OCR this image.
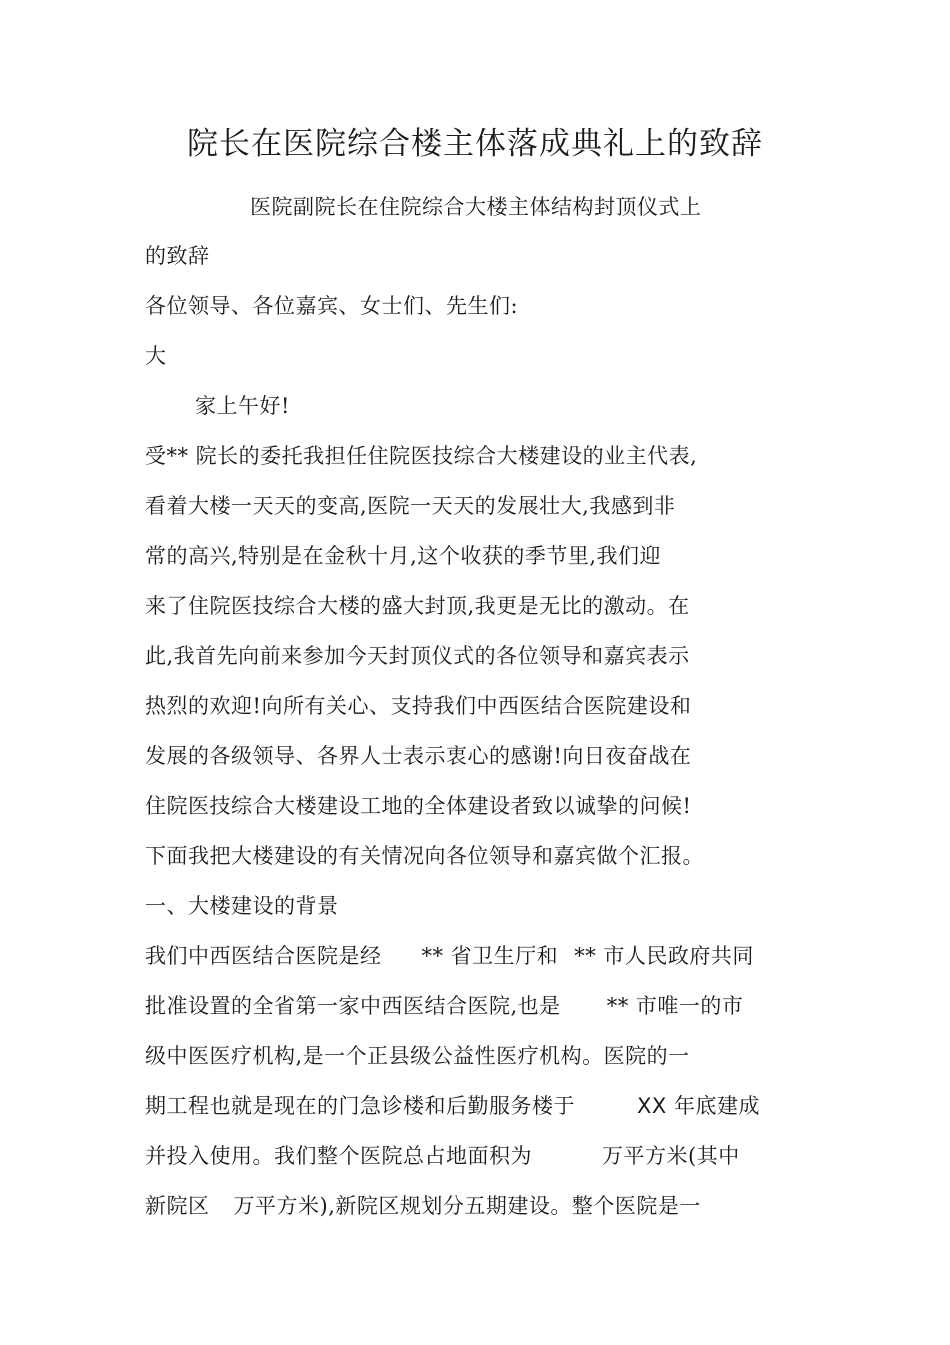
院长在医院综合楼主体落成典礼上的致辞
医院副院长在住院综合大楼主体结构封顶仪式上
的致辞
各位领导、各位嘉宾、女士们、先生们:
大
家上午好!
受** 院长的委托我担任住院医技综合大楼建设的业主代表,
看着大楼一天天的变高,医院一天天的发展壮大,我感到非
常的高兴,特别是在金秋十月,这个收获的季节里,我们迎
来了住院医技综合大楼的盛大封顶,我更是无比的激动。在
此,我首先向前来参加今天封顶仪式的各位领导和嘉宾表示
热烈的欢迎!向所有关心、支持我们中西医结合医院建设和
发展的各级领导、各界人士表示衷心的感谢!向日夜奋战在
住院医技综合大楼建设工地的全体建设者致以诚挚的问候!
下面我把大楼建设的有关情况向各位领导和嘉宾做个汇报。
一、大楼建设的背景
我们中西医结合医院是经 ** 省卫生厅和 ** 市人民政府共同
批准设置的全省第一家中西医结合医院,也是 ** 市唯一的市
级中医医疗机构,是一个正县级公益性医疗机构。医院的一
期工程也就是现在的门急诊楼和后勤服务楼于	XX 年底建成
并投入使用。我们整个医院总占地面积为	万平方米(其中
新院区 万平方米),新院区规划分五期建设。整个医院是一
